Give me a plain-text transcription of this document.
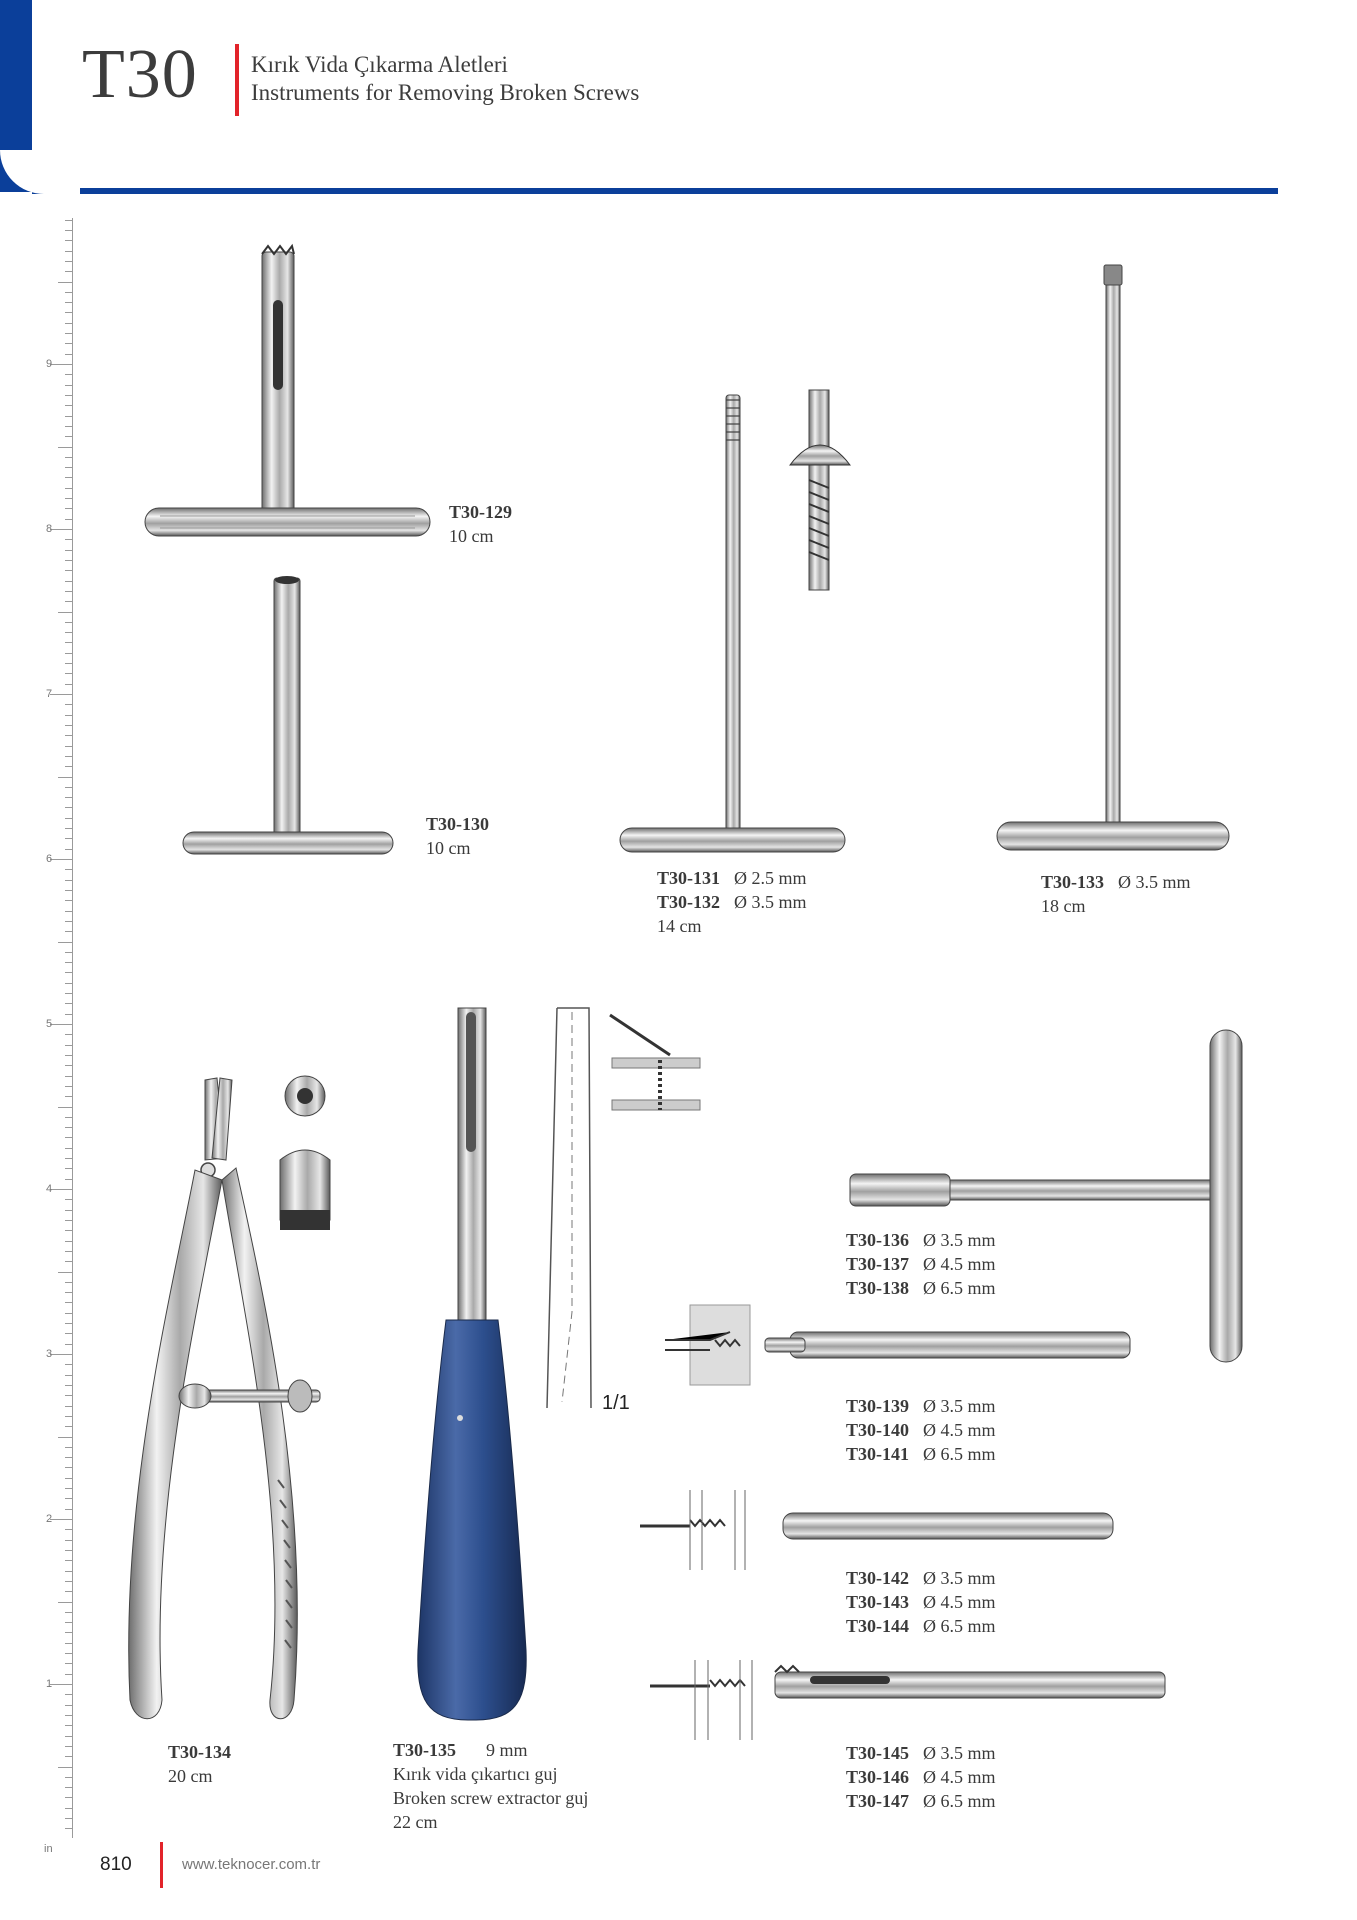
T30 Kırık Vida Çıkarma Aletleri
Instruments for Removing Broken Screws
9
8
7
6
5
4
3
2
1
in
T30-129
10 cm
T30-130
10 cm
T30-131 Ø 2.5 mm
T30-132 Ø 3.5 mm
14 cm
T30-133 Ø 3.5 mm
18 cm
T30-134
20 cm
T30-135 9 mm
Kırık vida çıkartıcı guj
Broken screw extractor guj
22 cm
1/1
T30-136 Ø 3.5 mm
T30-137 Ø 4.5 mm
T30-138 Ø 6.5 mm
T30-139 Ø 3.5 mm
T30-140 Ø 4.5 mm
T30-141 Ø 6.5 mm
T30-142 Ø 3.5 mm
T30-143 Ø 4.5 mm
T30-144 Ø 6.5 mm
T30-145 Ø 3.5 mm
T30-146 Ø 4.5 mm
T30-147 Ø 6.5 mm
810	www.teknocer.com.tr
